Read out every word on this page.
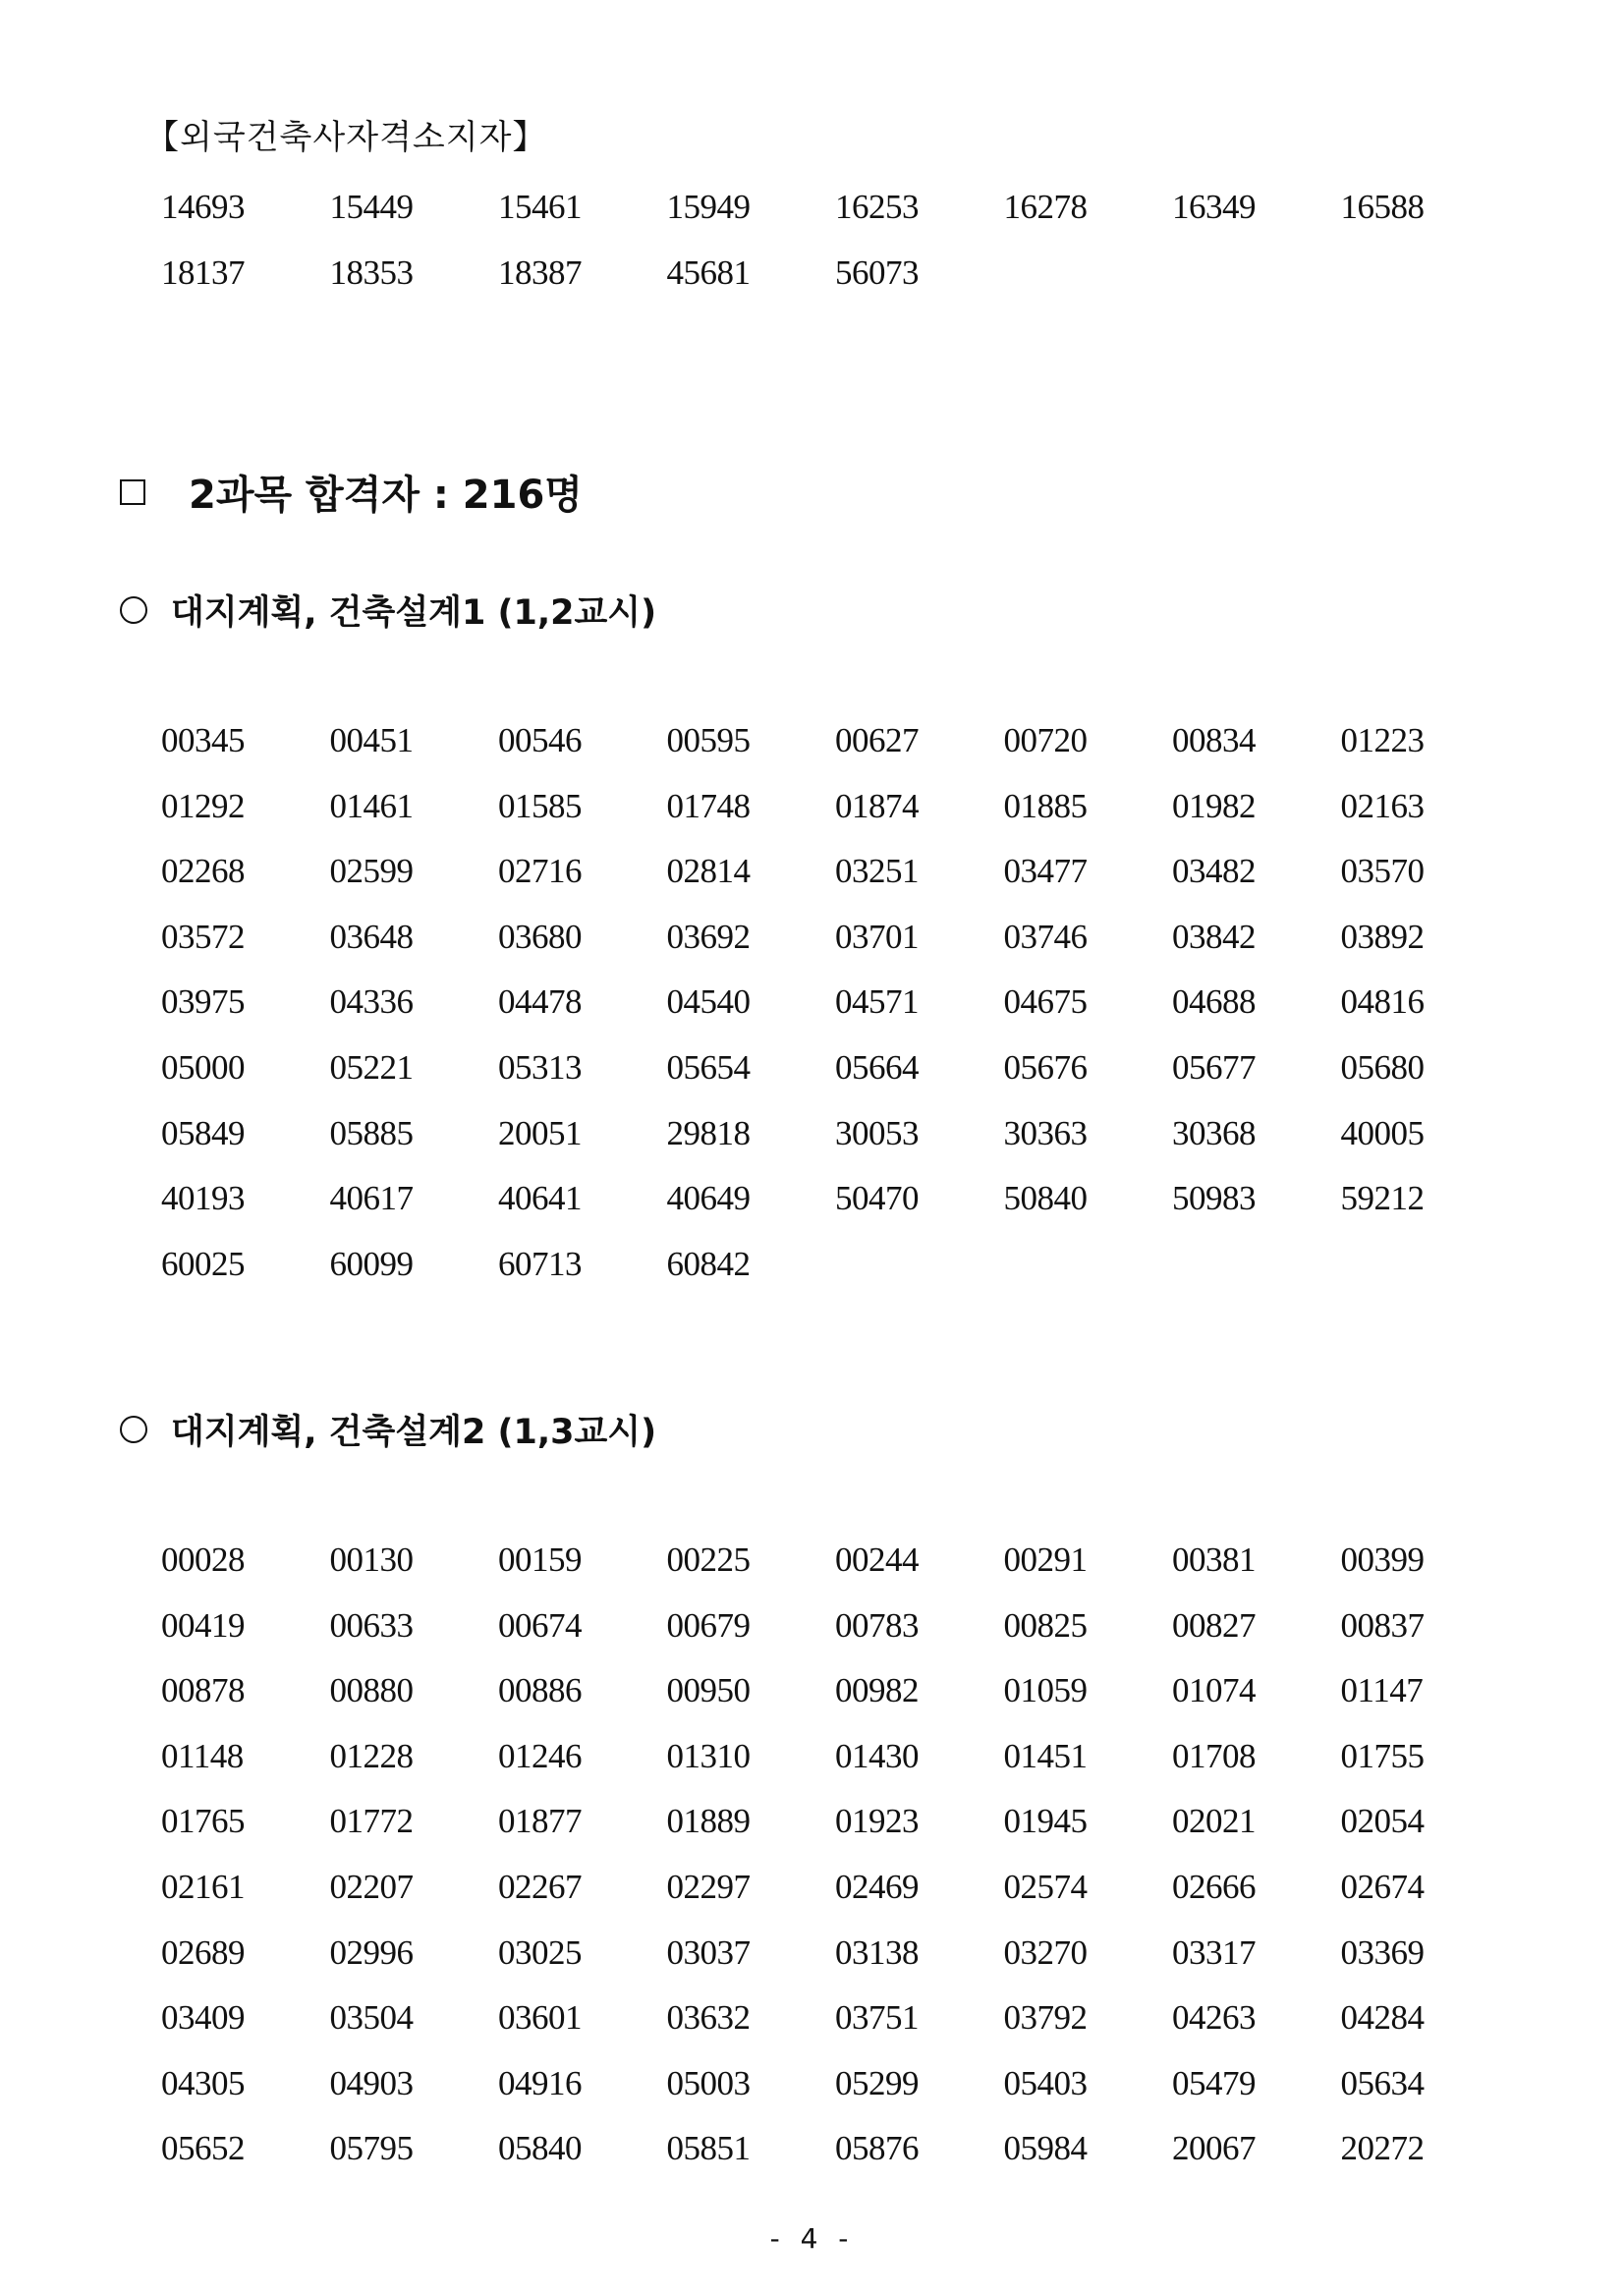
【외국건축사자격소지자】
14693	15449	15461	15949	16253	16278	16349	16588
18137	18353	18387	45681	56073
2과목 합격자 : 216명
대지계획, 건축설계1 (1,2교시)
00345	00451	00546	00595	00627	00720	00834	01223
01292	01461	01585	01748	01874	01885	01982	02163
02268	02599	02716	02814	03251	03477	03482	03570
03572	03648	03680	03692	03701	03746	03842	03892
03975	04336	04478	04540	04571	04675	04688	04816
05000	05221	05313	05654	05664	05676	05677	05680
05849	05885	20051	29818	30053	30363	30368	40005
40193	40617	40641	40649	50470	50840	50983	59212
60025	60099	60713	60842
대지계획, 건축설계2 (1,3교시)
00028	00130	00159	00225	00244	00291	00381	00399
00419	00633	00674	00679	00783	00825	00827	00837
00878	00880	00886	00950	00982	01059	01074	01147
01148	01228	01246	01310	01430	01451	01708	01755
01765	01772	01877	01889	01923	01945	02021	02054
02161	02207	02267	02297	02469	02574	02666	02674
02689	02996	03025	03037	03138	03270	03317	03369
03409	03504	03601	03632	03751	03792	04263	04284
04305	04903	04916	05003	05299	05403	05479	05634
05652	05795	05840	05851	05876	05984	20067	20272
- 4 -
